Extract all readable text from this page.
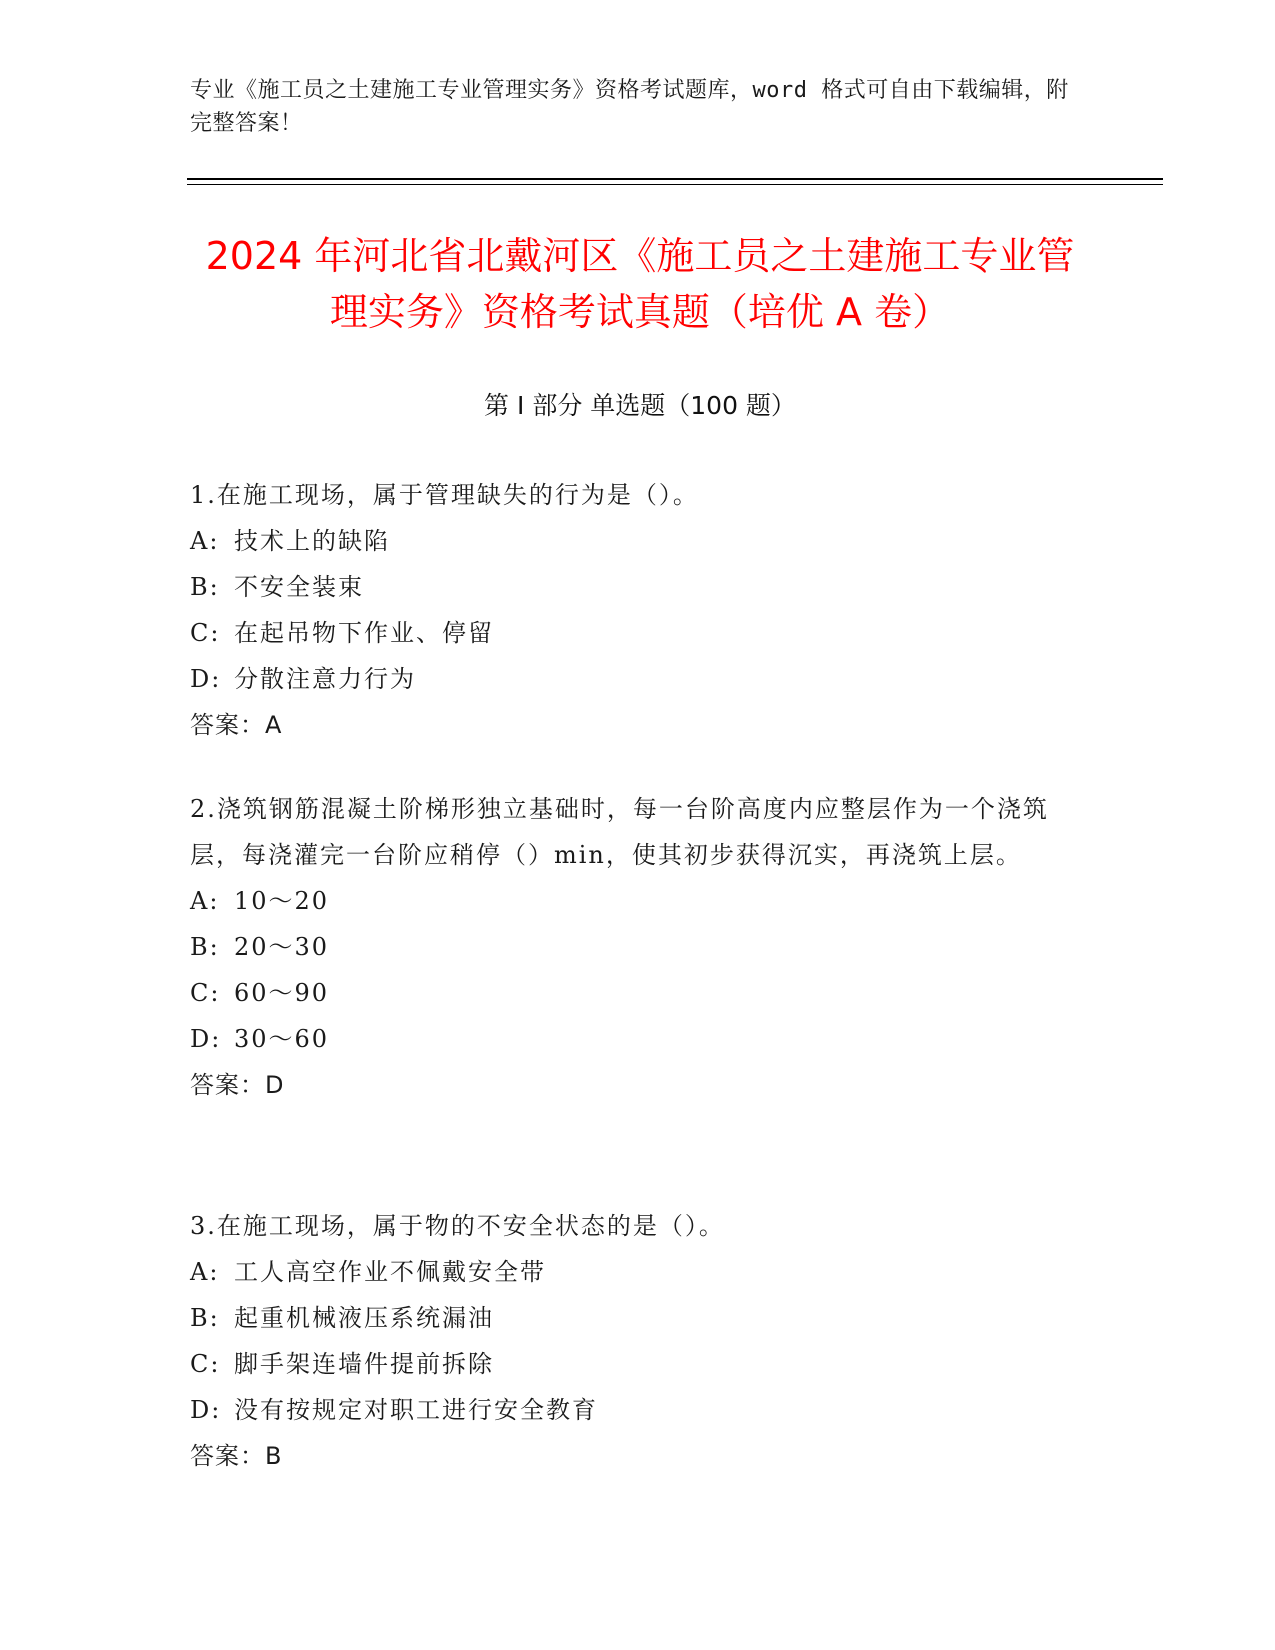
专业《施工员之土建施工专业管理实务》资格考试题库，word 格式可自由下载编辑，附完整答案！
2024 年河北省北戴河区《施工员之土建施工专业管理实务》资格考试真题（培优 A 卷）
第 I 部分 单选题（100 题）
1.在施工现场，属于管理缺失的行为是（）。
A: 技术上的缺陷
B: 不安全装束
C: 在起吊物下作业、停留
D: 分散注意力行为
答案：A
2.浇筑钢筋混凝土阶梯形独立基础时，每一台阶高度内应整层作为一个浇筑层，每浇灌完一台阶应稍停（）min，使其初步获得沉实，再浇筑上层。
A: 10～20
B: 20～30
C: 60～90
D: 30～60
答案：D
3.在施工现场，属于物的不安全状态的是（）。
A: 工人高空作业不佩戴安全带
B: 起重机械液压系统漏油
C: 脚手架连墙件提前拆除
D: 没有按规定对职工进行安全教育
答案：B
